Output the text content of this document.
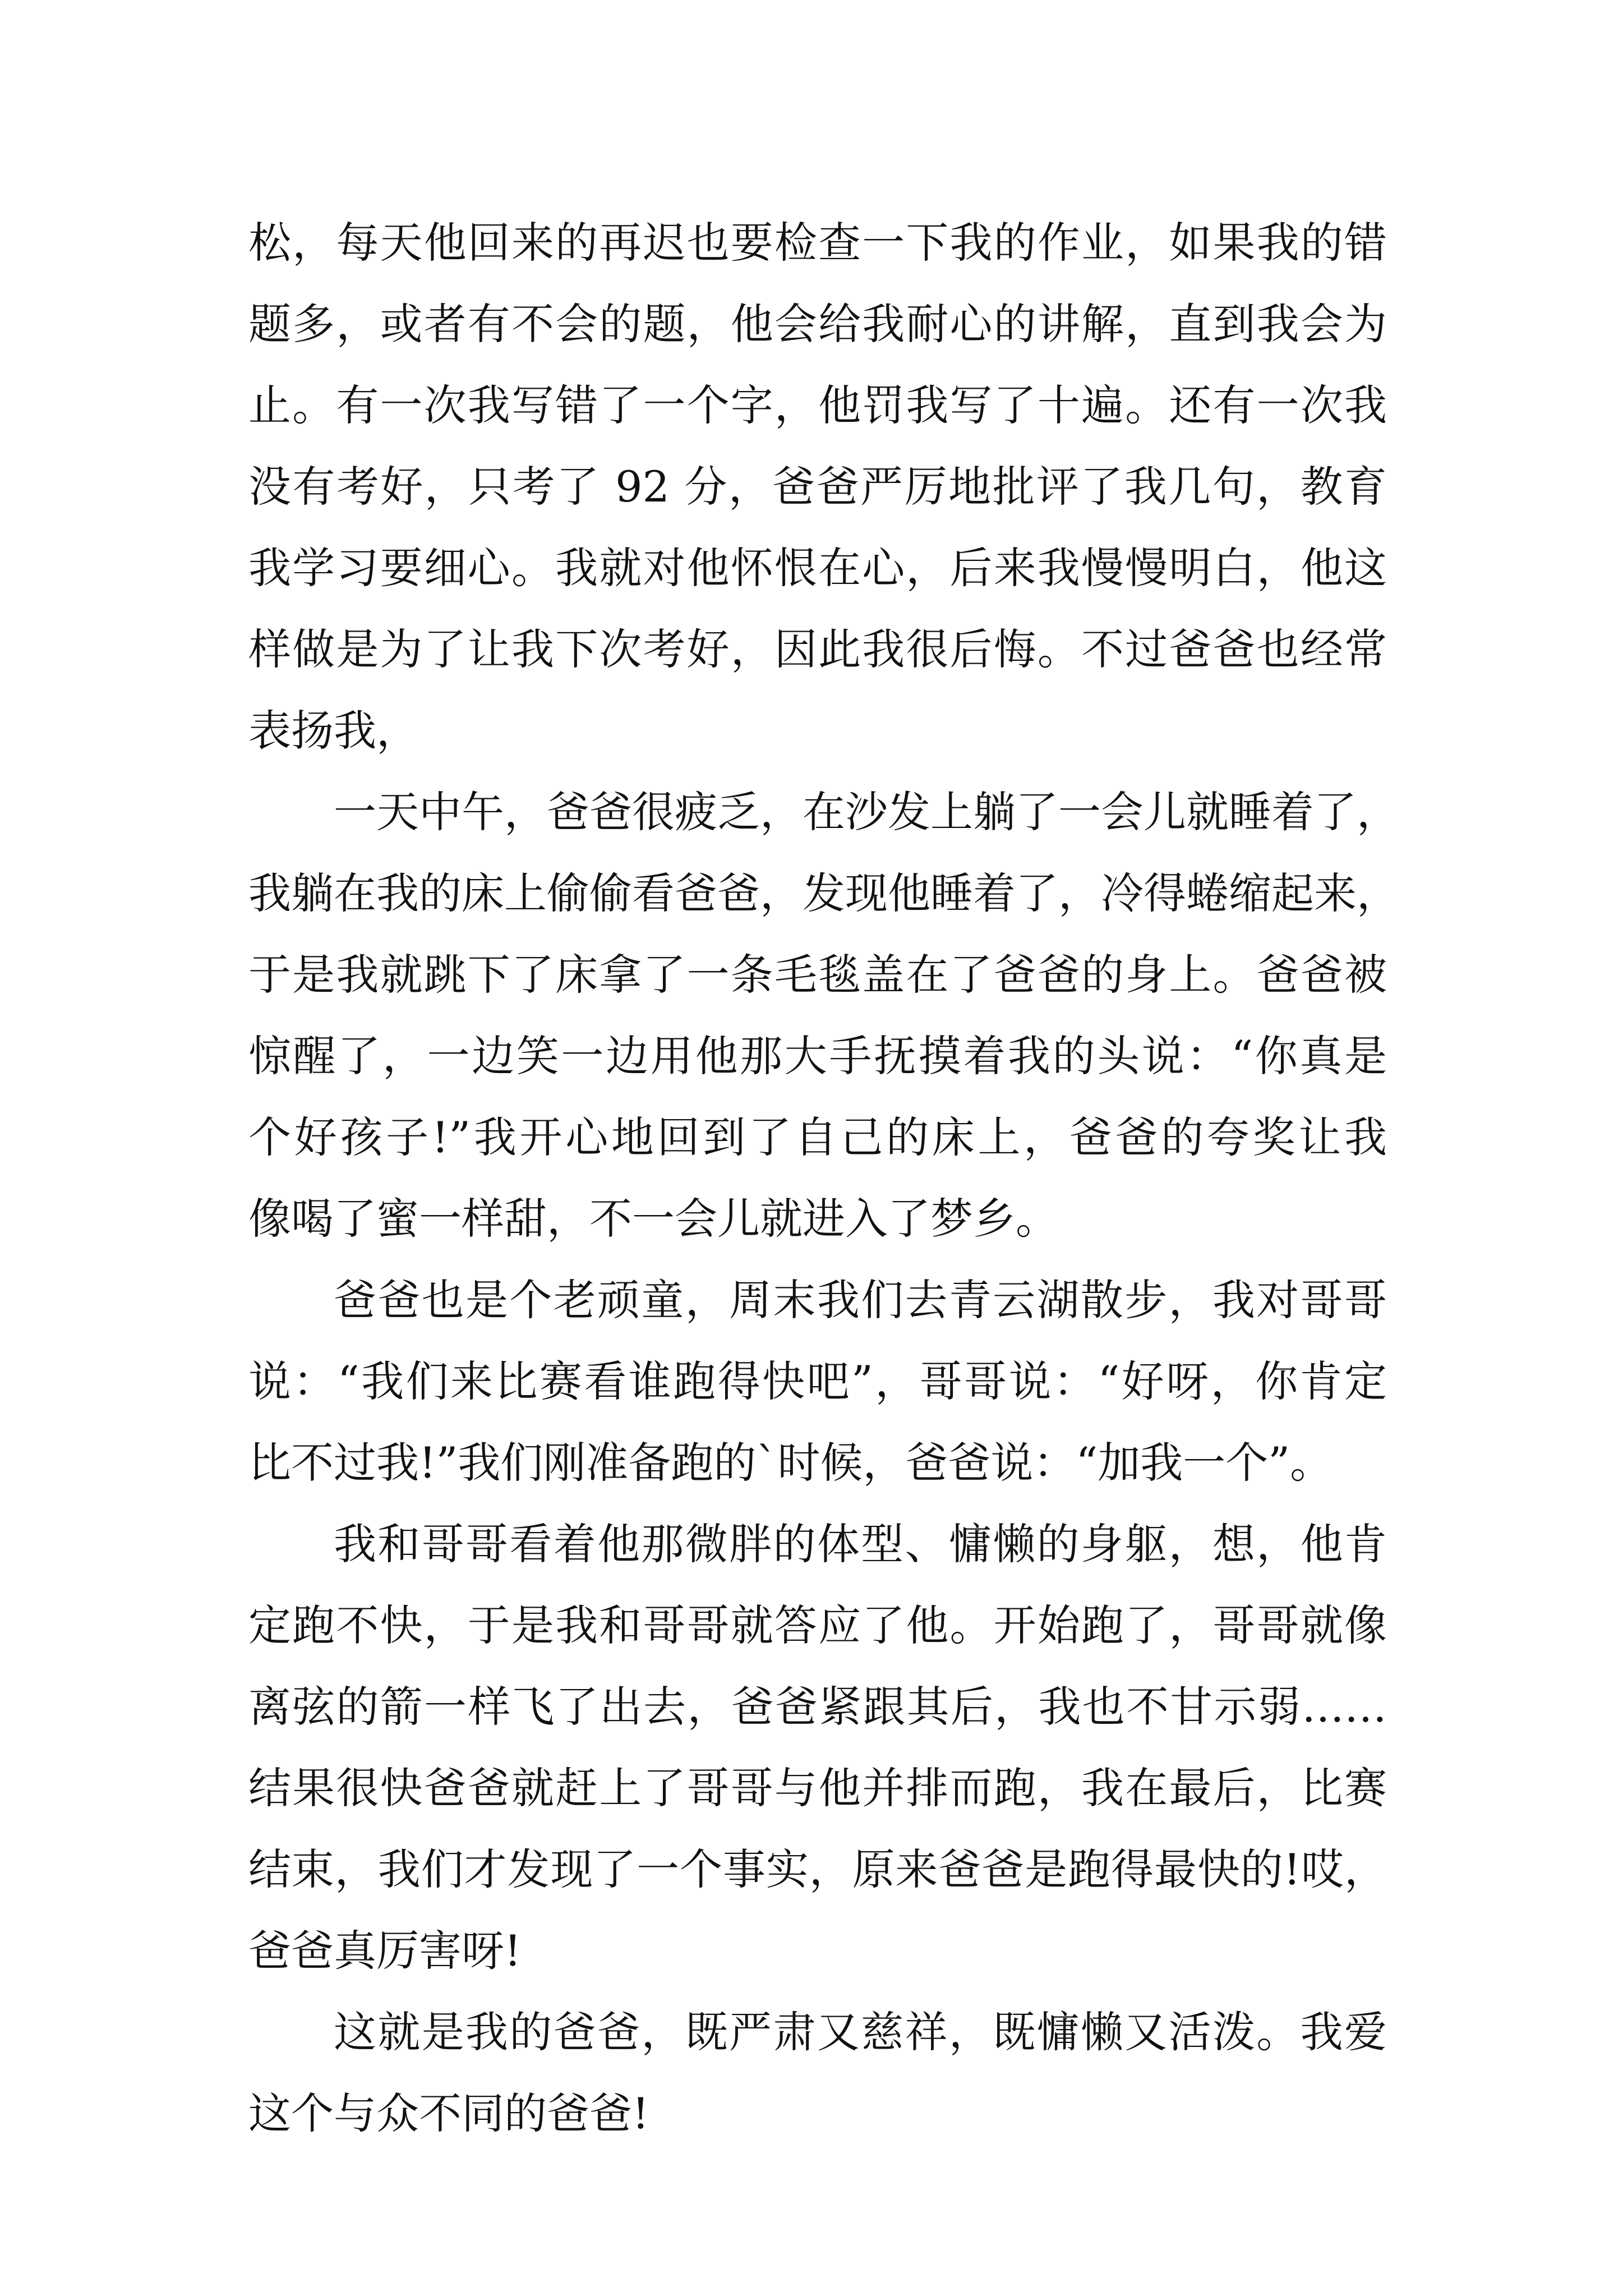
松，每天他回来的再迟也要检查一下我的作业，如果我的错
题多，或者有不会的题，他会给我耐心的讲解，直到我会为
止。有一次我写错了一个字，他罚我写了十遍。还有一次我
没有考好，只考了 92 分，爸爸严厉地批评了我几句，教育
我学习要细心。我就对他怀恨在心，后来我慢慢明白，他这
样做是为了让我下次考好，因此我很后悔。不过爸爸也经常
表扬我，
一天中午，爸爸很疲乏，在沙发上躺了一会儿就睡着了，
我躺在我的床上偷偷看爸爸，发现他睡着了，冷得蜷缩起来，
于是我就跳下了床拿了一条毛毯盖在了爸爸的身上。爸爸被
惊醒了，一边笑一边用他那大手抚摸着我的头说：“你真是
个好孩子!”我开心地回到了自己的床上，爸爸的夸奖让我
像喝了蜜一样甜，不一会儿就进入了梦乡。
爸爸也是个老顽童，周末我们去青云湖散步，我对哥哥
说：“我们来比赛看谁跑得快吧”，哥哥说：“好呀，你肯定
比不过我!”我们刚准备跑的`时候，爸爸说：“加我一个”。
我和哥哥看着他那微胖的体型、慵懒的身躯，想，他肯
定跑不快，于是我和哥哥就答应了他。开始跑了，哥哥就像
离弦的箭一样飞了出去，爸爸紧跟其后，我也不甘示弱……
结果很快爸爸就赶上了哥哥与他并排而跑，我在最后，比赛
结束，我们才发现了一个事实，原来爸爸是跑得最快的!哎，
爸爸真厉害呀!
这就是我的爸爸，既严肃又慈祥，既慵懒又活泼。我爱
这个与众不同的爸爸!
